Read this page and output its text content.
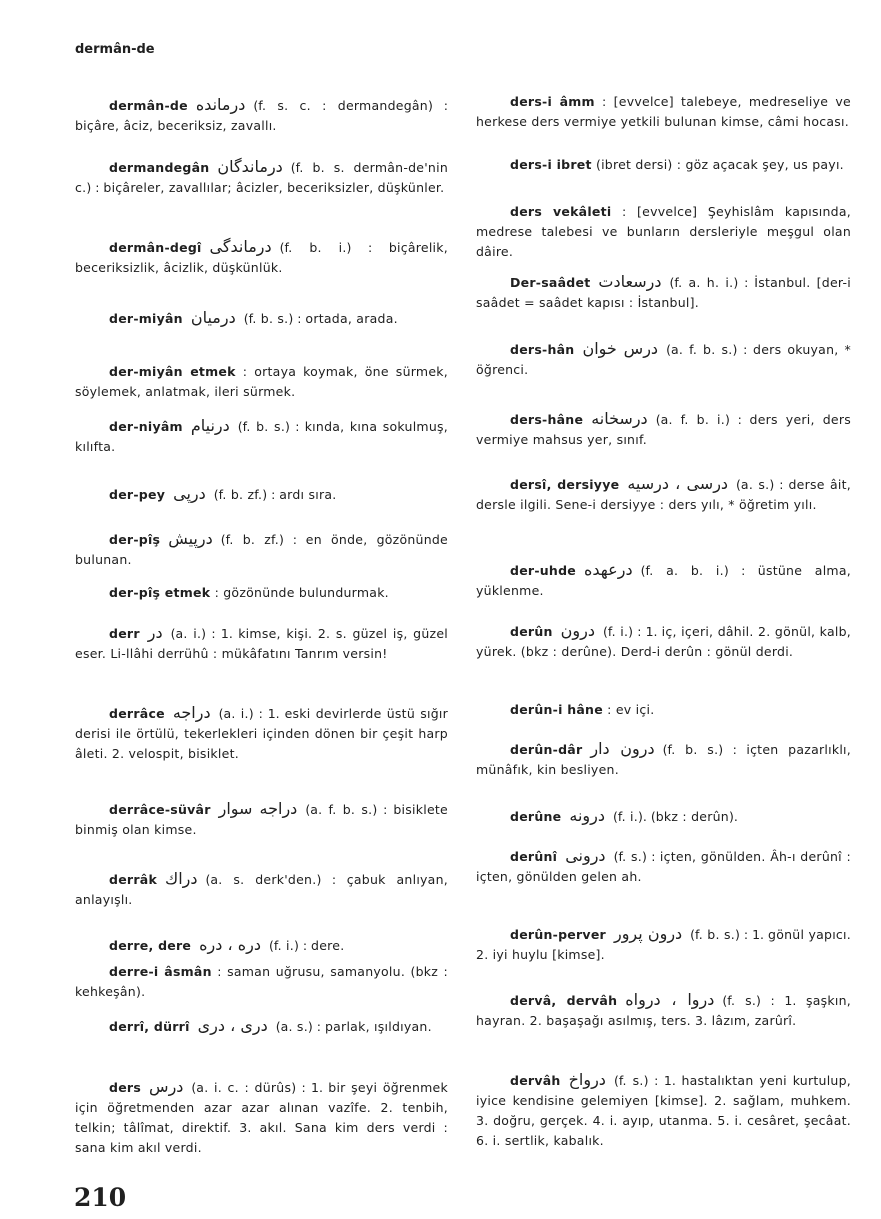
dermân-de

dermân-de درمانده (f. s. c. : dermandegân) : biçâre, âciz, beceriksiz, zavallı.

dermandegân درماندگان (f. b. s. dermân-de'nin c.) : biçâreler, zavallılar; âcizler, beceriksizler, düşkünler.

dermân-degî درماندگی (f. b. i.) : biçârelik, beceriksizlik, âcizlik, düşkünlük.

der-miyân درمیان (f. b. s.) : ortada, arada.

der-miyân etmek : ortaya koymak, öne sürmek, söylemek, anlatmak, ileri sürmek.

der-niyâm درنیام (f. b. s.) : kında, kına sokulmuş, kılıfta.

der-pey درپی (f. b. zf.) : ardı sıra.

der-pîş درپیش (f. b. zf.) : en önde, gözönünde bulunan.

der-pîş etmek : gözönünde bulundurmak.

derr در (a. i.) : 1. kimse, kişi. 2. s. güzel iş, güzel eser. Li-llâhi derrühû : mükâfatını Tanrım versin!

derrâce دراجه (a. i.) : 1. eski devirlerde üstü sığır derisi ile örtülü, tekerlekleri içinden dönen bir çeşit harp âleti. 2. velospit, bisiklet.

derrâce-süvâr دراجه سوار (a. f. b. s.) : bisiklete binmiş olan kimse.

derrâk دراك (a. s. derk'den.) : çabuk anlıyan, anlayışlı.

derre, dere دره ، دره (f. i.) : dere.

derre-i âsmân : saman uğrusu, samanyolu. (bkz : kehkeşân).

derrî, dürrî دری ، دری (a. s.) : parlak, ışıldıyan.

ders درس (a. i. c. : dürûs) : 1. bir şeyi öğrenmek için öğretmenden azar azar alınan vazîfe. 2. tenbih, telkin; tâlîmat, direktif. 3. akıl. Sana kim ders verdi : sana kim akıl verdi.

ders-i âmm : [evvelce] talebeye, medreseliye ve herkese ders vermiye yetkili bulunan kimse, câmi hocası.

ders-i ibret (ibret dersi) : göz açacak şey, us payı.

ders vekâleti : [evvelce] Şeyhislâm kapısında, medrese talebesi ve bunların dersleriyle meşgul olan dâire.

Der-saâdet درسعادت (f. a. h. i.) : İstanbul. [der-i saâdet = saâdet kapısı : İstanbul].

ders-hân درس خوان (a. f. b. s.) : ders okuyan, * öğrenci.

ders-hâne درسخانه (a. f. b. i.) : ders yeri, ders vermiye mahsus yer, sınıf.

dersî, dersiyye درسی ، درسیه (a. s.) : derse âit, dersle ilgili. Sene-i dersiyye : ders yılı, * öğretim yılı.

der-uhde درعهده (f. a. b. i.) : üstüne alma, yüklenme.

derûn درون (f. i.) : 1. iç, içeri, dâhil. 2. gönül, kalb, yürek. (bkz : derûne). Derd-i derûn : gönül derdi.

derûn-i hâne : ev içi.

derûn-dâr درون دار (f. b. s.) : içten pazarlıklı, münâfık, kin besliyen.

derûne درونه (f. i.). (bkz : derûn).

derûnî درونی (f. s.) : içten, gönülden. Âh-ı derûnî : içten, gönülden gelen ah.

derûn-perver درون پرور (f. b. s.) : 1. gönül yapıcı. 2. iyi huylu [kimse].

dervâ, dervâh دروا ، درواه (f. s.) : 1. şaşkın, hayran. 2. başaşağı asılmış, ters. 3. lâzım, zarûrî.

dervâh درواخ (f. s.) : 1. hastalıktan yeni kurtulup, iyice kendisine gelemiyen [kimse]. 2. sağlam, muhkem. 3. doğru, gerçek. 4. i. ayıp, utanma. 5. i. cesâret, şecâat. 6. i. sertlik, kabalık.

210
